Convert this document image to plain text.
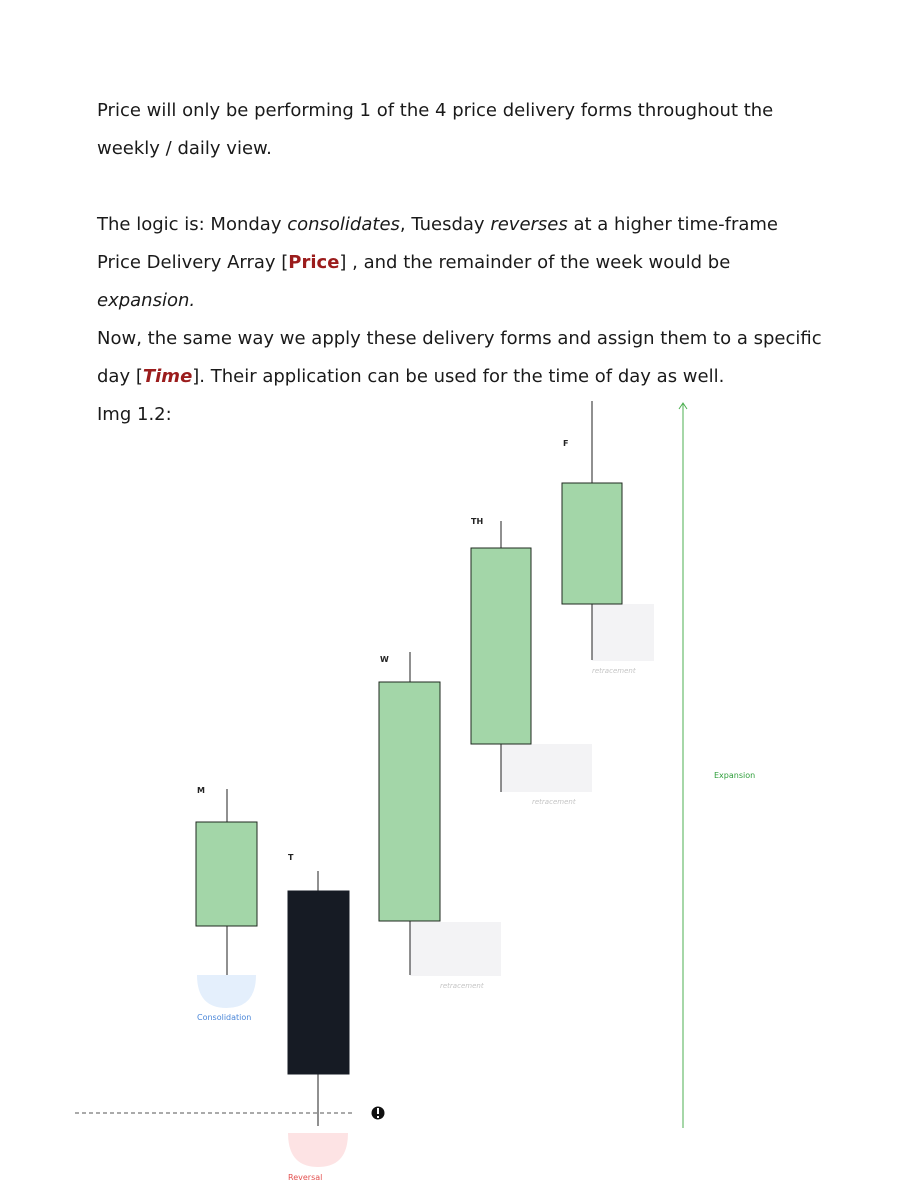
Price will only be performing 1 of the 4 price delivery forms throughout the weekly / daily view.

The logic is: Monday consolidates, Tuesday reverses at a higher time-frame Price Delivery Array [Price] , and the remainder of the week would be expansion.

Now, the same way we apply these delivery forms and assign them to a specific day [Time]. Their application can be used for the time of day as well.

Img 1.2:

Expansion
retracement
retracement
retracement
Consolidation
Reversal
M
T
W
TH
F
